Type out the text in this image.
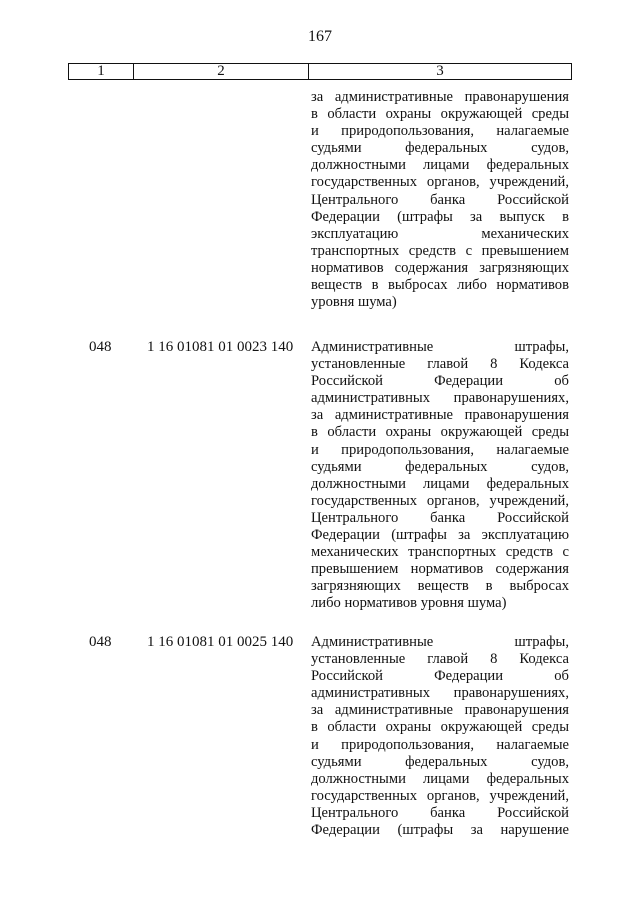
167
1	2	3
за административные правонарушения
в области охраны окружающей среды
и природопользования, налагаемые
судьями федеральных судов,
должностными лицами федеральных
государственных органов, учреждений,
Центрального банка Российской
Федерации (штрафы за выпуск в
эксплуатацию механических
транспортных средств с превышением
нормативов содержания загрязняющих
веществ в выбросах либо нормативов
уровня шума)
048 1 16 01081 01 0023 140 Административные штрафы,
установленные главой 8 Кодекса
Российской Федерации об
административных правонарушениях,
за административные правонарушения
в области охраны окружающей среды
и природопользования, налагаемые
судьями федеральных судов,
должностными лицами федеральных
государственных органов, учреждений,
Центрального банка Российской
Федерации (штрафы за эксплуатацию
механических транспортных средств с
превышением нормативов содержания
загрязняющих веществ в выбросах
либо нормативов уровня шума)
048 1 16 01081 01 0025 140 Административные штрафы,
установленные главой 8 Кодекса
Российской Федерации об
административных правонарушениях,
за административные правонарушения
в области охраны окружающей среды
и природопользования, налагаемые
судьями федеральных судов,
должностными лицами федеральных
государственных органов, учреждений,
Центрального банка Российской
Федерации (штрафы за нарушение
